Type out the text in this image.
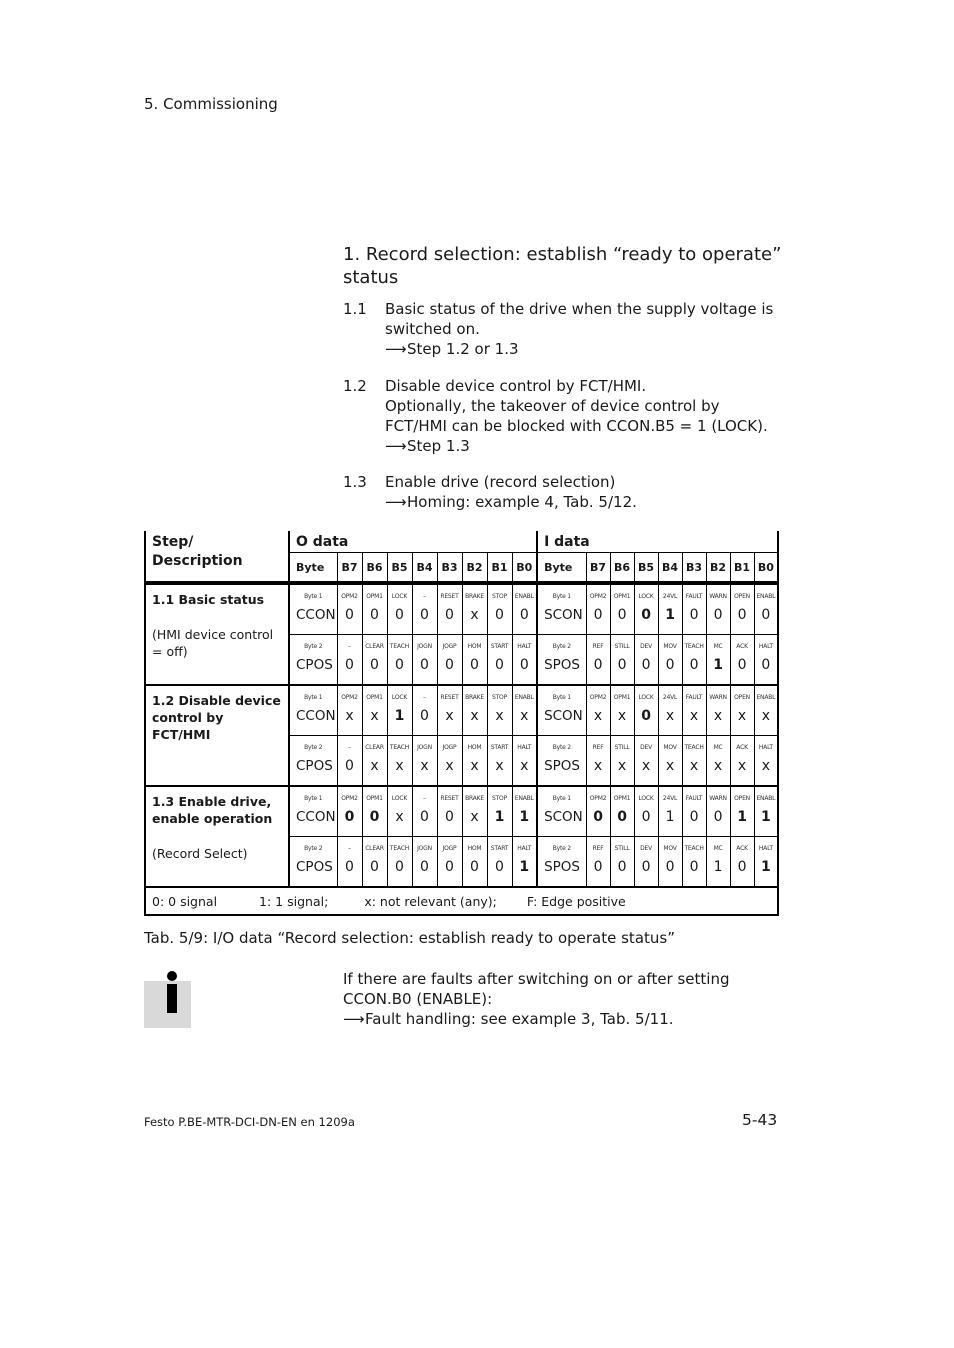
5. Commissioning
1. Record selection: establish “ready to operate” status
1.1	Basic status of the drive when the supply voltage is switched on.
⟶Step 1.2 or 1.3
1.2	Disable device control by FCT/HMI.
Optionally, the takeover of device control by FCT/HMI can be blocked with CCON.B5 = 1 (LOCK).
⟶Step 1.3
1.3	Enable drive (record selection)
⟶Homing: example 4, Tab. 5/12.
Step/ Description	O data									I data								
	Byte	B7	B6	B5	B4	B3	B2	B1	B0	Byte	B7	B6	B5	B4	B3	B2	B1	B0

1.1 Basic status
(HMI device control = off)	Byte 1	OPM2	OPM1	LOCK	–	RESET	BRAKE	STOP	ENABL	Byte 1	OPM2	OPM1	LOCK	24VL	FAULT	WARN	OPEN	ENABL
	CCON	0	0	0	0	0	x	0	0	SCON	0	0	0	1	0	0	0	0
	Byte 2	–	CLEAR	TEACH	JOGN	JOGP	HOM	START	HALT	Byte 2	REF	STILL	DEV	MOV	TEACH	MC	ACK	HALT
	CPOS	0	0	0	0	0	0	0	0	SPOS	0	0	0	0	0	1	0	0

1.2 Disable device control by FCT/HMI	Byte 1	OPM2	OPM1	LOCK	–	RESET	BRAKE	STOP	ENABL	Byte 1	OPM2	OPM1	LOCK	24VL	FAULT	WARN	OPEN	ENABL
	CCON	x	x	1	0	x	x	x	x	SCON	x	x	0	x	x	x	x	x
	Byte 2	–	CLEAR	TEACH	JOGN	JOGP	HOM	START	HALT	Byte 2	REF	STILL	DEV	MOV	TEACH	MC	ACK	HALT
	CPOS	0	x	x	x	x	x	x	x	SPOS	x	x	x	x	x	x	x	x

1.3 Enable drive, enable operation
(Record Select)	Byte 1	OPM2	OPM1	LOCK	–	RESET	BRAKE	STOP	ENABL	Byte 1	OPM2	OPM1	LOCK	24VL	FAULT	WARN	OPEN	ENABL
	CCON	0	0	x	0	0	x	1	1	SCON	0	0	0	1	0	0	1	1
	Byte 2	–	CLEAR	TEACH	JOGN	JOGP	HOM	START	HALT	Byte 2	REF	STILL	DEV	MOV	TEACH	MC	ACK	HALT
	CPOS	0	0	0	0	0	0	0	1	SPOS	0	0	0	0	0	1	0	1
0: 0 signal 1: 1 signal; x: not relevant (any); F: Edge positive																		
Tab. 5/9: I/O data “Record selection: establish ready to operate status”
If there are faults after switching on or after setting CCON.B0 (ENABLE):
⟶Fault handling: see example 3, Tab. 5/11.
Festo P.BE-MTR-DCI-DN-EN en 1209a	5-43
